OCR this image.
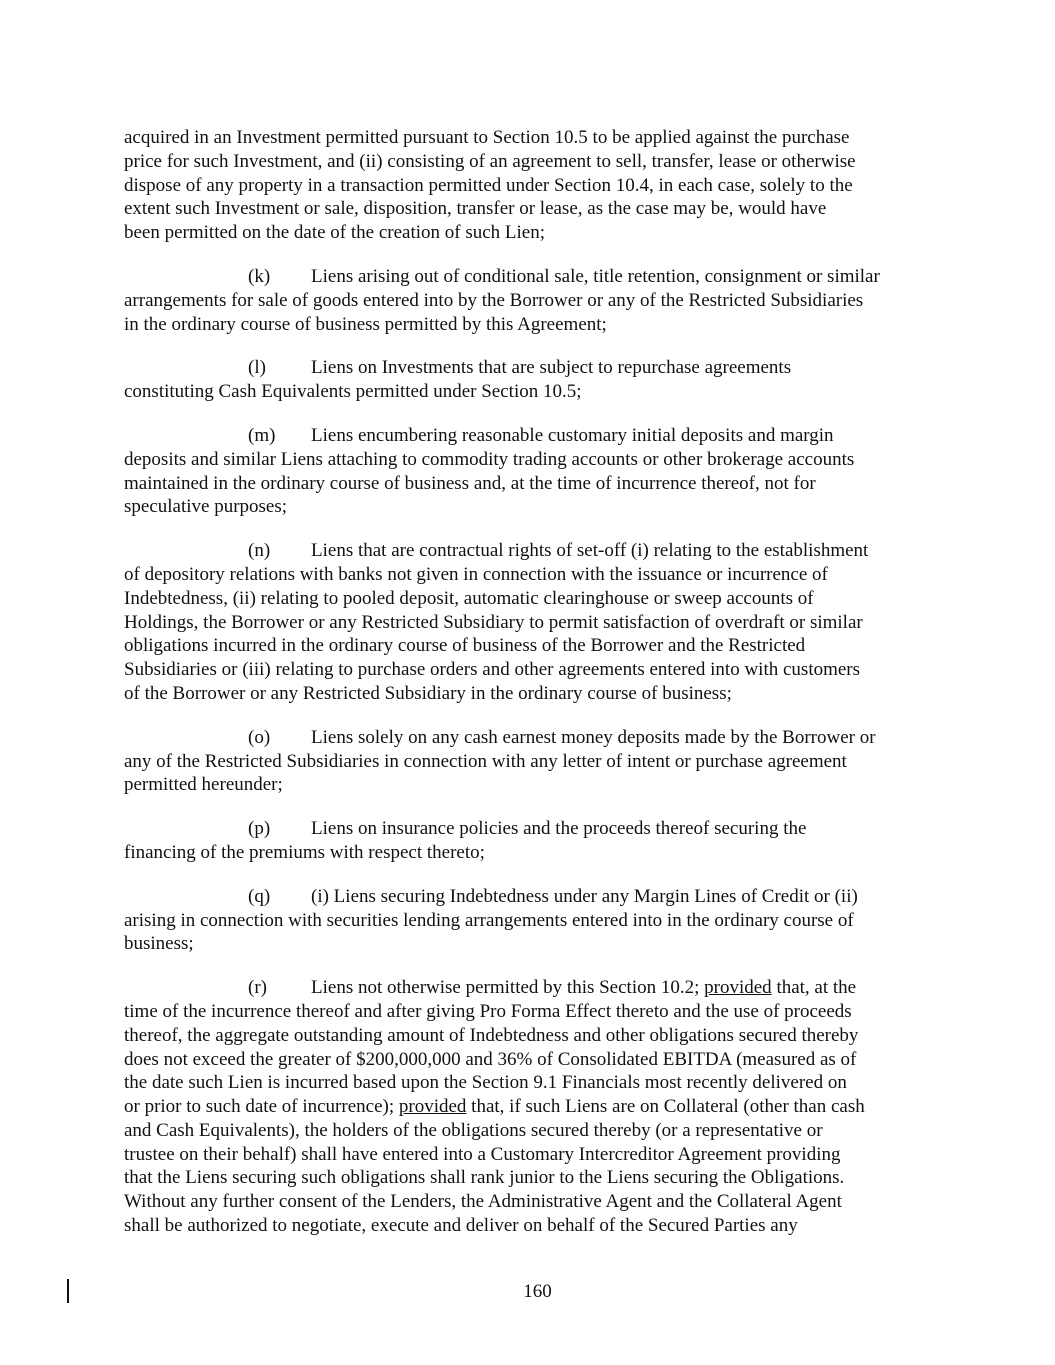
acquired in an Investment permitted pursuant to Section 10.5 to be applied against the purchase
price for such Investment, and (ii) consisting of an agreement to sell, transfer, lease or otherwise
dispose of any property in a transaction permitted under Section 10.4, in each case, solely to the
extent such Investment or sale, disposition, transfer or lease, as the case may be, would have
been permitted on the date of the creation of such Lien;
(k) Liens arising out of conditional sale, title retention, consignment or similar
arrangements for sale of goods entered into by the Borrower or any of the Restricted Subsidiaries
in the ordinary course of business permitted by this Agreement;
(l) Liens on Investments that are subject to repurchase agreements
constituting Cash Equivalents permitted under Section 10.5;
(m) Liens encumbering reasonable customary initial deposits and margin
deposits and similar Liens attaching to commodity trading accounts or other brokerage accounts
maintained in the ordinary course of business and, at the time of incurrence thereof, not for
speculative purposes;
(n) Liens that are contractual rights of set-off (i) relating to the establishment
of depository relations with banks not given in connection with the issuance or incurrence of
Indebtedness, (ii) relating to pooled deposit, automatic clearinghouse or sweep accounts of
Holdings, the Borrower or any Restricted Subsidiary to permit satisfaction of overdraft or similar
obligations incurred in the ordinary course of business of the Borrower and the Restricted
Subsidiaries or (iii) relating to purchase orders and other agreements entered into with customers
of the Borrower or any Restricted Subsidiary in the ordinary course of business;
(o) Liens solely on any cash earnest money deposits made by the Borrower or
any of the Restricted Subsidiaries in connection with any letter of intent or purchase agreement
permitted hereunder;
(p) Liens on insurance policies and the proceeds thereof securing the
financing of the premiums with respect thereto;
(q) (i) Liens securing Indebtedness under any Margin Lines of Credit or (ii)
arising in connection with securities lending arrangements entered into in the ordinary course of
business;
(r) Liens not otherwise permitted by this Section 10.2; provided that, at the
time of the incurrence thereof and after giving Pro Forma Effect thereto and the use of proceeds
thereof, the aggregate outstanding amount of Indebtedness and other obligations secured thereby
does not exceed the greater of $200,000,000 and 36% of Consolidated EBITDA (measured as of
the date such Lien is incurred based upon the Section 9.1 Financials most recently delivered on
or prior to such date of incurrence); provided that, if such Liens are on Collateral (other than cash
and Cash Equivalents), the holders of the obligations secured thereby (or a representative or
trustee on their behalf) shall have entered into a Customary Intercreditor Agreement providing
that the Liens securing such obligations shall rank junior to the Liens securing the Obligations.
Without any further consent of the Lenders, the Administrative Agent and the Collateral Agent
shall be authorized to negotiate, execute and deliver on behalf of the Secured Parties any
160
